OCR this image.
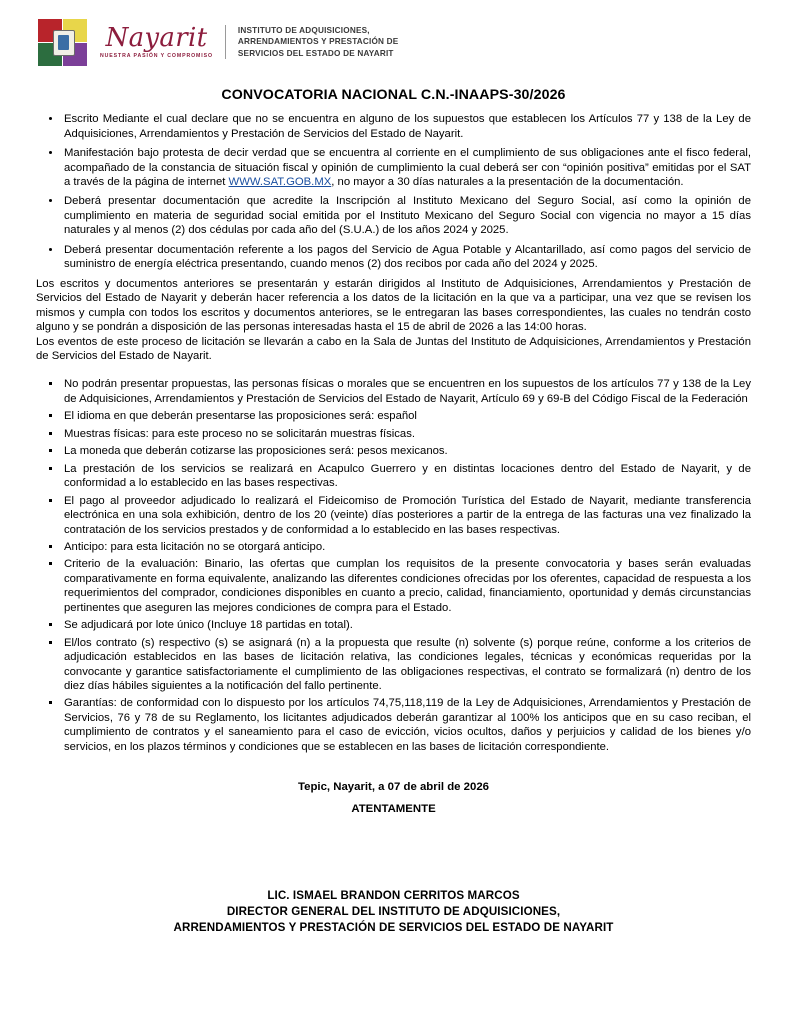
Nayarit
NUESTRA PASIÓN Y COMPROMISO
INSTITUTO DE ADQUISICIONES,
ARRENDAMIENTOS Y PRESTACIÓN DE
SERVICIOS DEL ESTADO DE NAYARIT
CONVOCATORIA NACIONAL C.N.-INAAPS-30/2026
• Escrito Mediante el cual declare que no se encuentra en alguno de los supuestos que establecen los Artículos 77 y 138 de la Ley de Adquisiciones, Arrendamientos y Prestación de Servicios del Estado de Nayarit.
• Manifestación bajo protesta de decir verdad que se encuentra al corriente en el cumplimiento de sus obligaciones ante el fisco federal, acompañado de la constancia de situación fiscal y opinión de cumplimiento la cual deberá ser con “opinión positiva” emitidas por el SAT a través de la página de internet WWW.SAT.GOB.MX, no mayor a 30 días naturales a la presentación de la documentación.
• Deberá presentar documentación que acredite la Inscripción al Instituto Mexicano del Seguro Social, así como la opinión de cumplimiento en materia de seguridad social emitida por el Instituto Mexicano del Seguro Social con vigencia no mayor a 15 días naturales y al menos (2) dos cédulas por cada año del (S.U.A.) de los años 2024 y 2025.
• Deberá presentar documentación referente a los pagos del Servicio de Agua Potable y Alcantarillado, así como pagos del servicio de suministro de energía eléctrica presentando, cuando menos (2) dos recibos por cada año del 2024 y 2025.

Los escritos y documentos anteriores se presentarán y estarán dirigidos al Instituto de Adquisiciones, Arrendamientos y Prestación de Servicios del Estado de Nayarit y deberán hacer referencia a los datos de la licitación en la que va a participar, una vez que se revisen los mismos y cumpla con todos los escritos y documentos anteriores, se le entregaran las bases correspondientes, las cuales no tendrán costo alguno y se pondrán a disposición de las personas interesadas hasta el 15 de abril de 2026 a las 14:00 horas.

Los eventos de este proceso de licitación se llevarán a cabo en la Sala de Juntas del Instituto de Adquisiciones, Arrendamientos y Prestación de Servicios del Estado de Nayarit.

▪ No podrán presentar propuestas, las personas físicas o morales que se encuentren en los supuestos de los artículos 77 y 138 de la Ley de Adquisiciones, Arrendamientos y Prestación de Servicios del Estado de Nayarit, Artículo 69 y 69-B del Código Fiscal de la Federación
▪ El idioma en que deberán presentarse las proposiciones será: español
▪ Muestras físicas: para este proceso no se solicitarán muestras físicas.
▪ La moneda que deberán cotizarse las proposiciones será: pesos mexicanos.
▪ La prestación de los servicios se realizará en Acapulco Guerrero y en distintas locaciones dentro del Estado de Nayarit, y de conformidad a lo establecido en las bases respectivas.
▪ El pago al proveedor adjudicado lo realizará el Fideicomiso de Promoción Turística del Estado de Nayarit, mediante transferencia electrónica en una sola exhibición, dentro de los 20 (veinte) días posteriores a partir de la entrega de las facturas una vez finalizado la contratación de los servicios prestados y de conformidad a lo establecido en las bases respectivas.
▪ Anticipo: para esta licitación no se otorgará anticipo.
▪ Criterio de la evaluación: Binario, las ofertas que cumplan los requisitos de la presente convocatoria y bases serán evaluadas comparativamente en forma equivalente, analizando las diferentes condiciones ofrecidas por los oferentes, capacidad de respuesta a los requerimientos del comprador, condiciones disponibles en cuanto a precio, calidad, financiamiento, oportunidad y demás circunstancias pertinentes que aseguren las mejores condiciones de compra para el Estado.
▪ Se adjudicará por lote único (Incluye 18 partidas en total).
▪ El/los contrato (s) respectivo (s) se asignará (n) a la propuesta que resulte (n) solvente (s) porque reúne, conforme a los criterios de adjudicación establecidos en las bases de licitación relativa, las condiciones legales, técnicas y económicas requeridas por la convocante y garantice satisfactoriamente el cumplimiento de las obligaciones respectivas, el contrato se formalizará (n) dentro de los diez días hábiles siguientes a la notificación del fallo pertinente.
▪ Garantías: de conformidad con lo dispuesto por los artículos 74,75,118,119 de la Ley de Adquisiciones, Arrendamientos y Prestación de Servicios, 76 y 78 de su Reglamento, los licitantes adjudicados deberán garantizar al 100% los anticipos que en su caso reciban, el cumplimiento de contratos y el saneamiento para el caso de evicción, vicios ocultos, daños y perjuicios y calidad de los bienes y/o servicios, en los plazos términos y condiciones que se establecen en las bases de licitación correspondiente.
Tepic, Nayarit, a 07 de abril de 2026
ATENTAMENTE
LIC. ISMAEL BRANDON CERRITOS MARCOS
DIRECTOR GENERAL DEL INSTITUTO DE ADQUISICIONES,
ARRENDAMIENTOS Y PRESTACIÓN DE SERVICIOS DEL ESTADO DE NAYARIT
